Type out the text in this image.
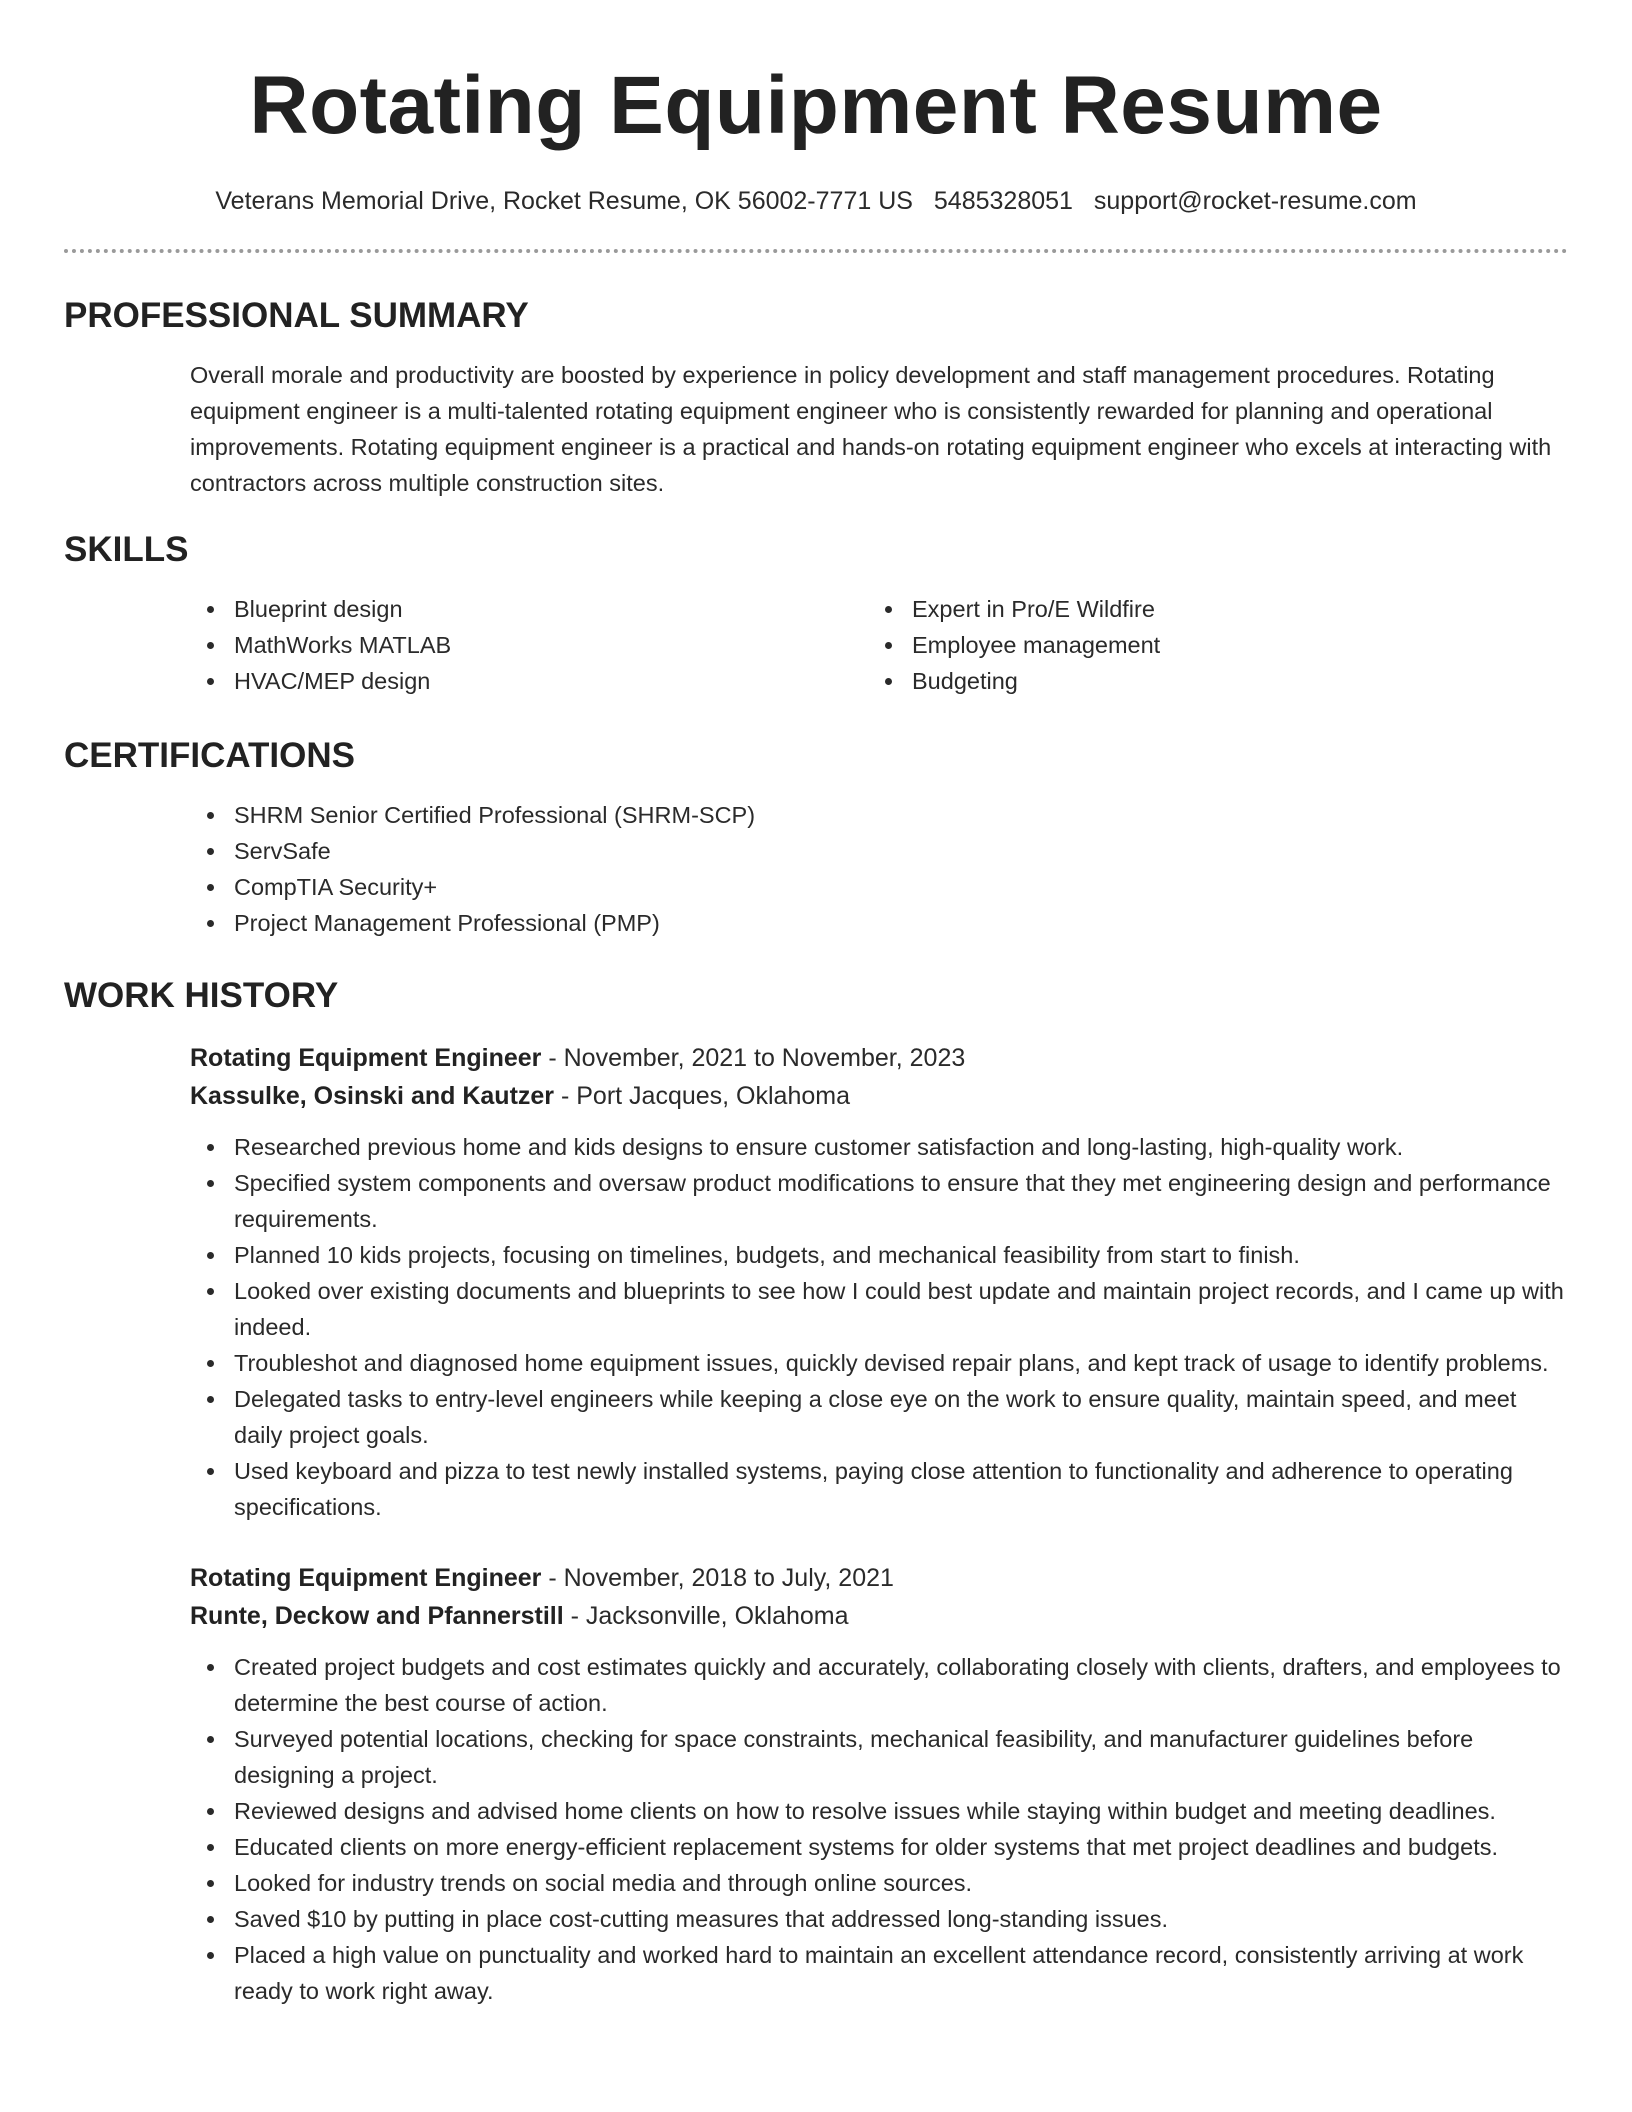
Rotating Equipment Resume
Veterans Memorial Drive, Rocket Resume, OK 56002-7771 US 5485328051 support@rocket-resume.com
PROFESSIONAL SUMMARY

Overall morale and productivity are boosted by experience in policy development and staff management procedures. Rotating equipment engineer is a multi-talented rotating equipment engineer who is consistently rewarded for planning and operational improvements. Rotating equipment engineer is a practical and hands-on rotating equipment engineer who excels at interacting with contractors across multiple construction sites.

SKILLS
Blueprint design
MathWorks MATLAB
HVAC/MEP design
Expert in Pro/E Wildfire
Employee management
Budgeting
CERTIFICATIONS
SHRM Senior Certified Professional (SHRM-SCP)
ServSafe
CompTIA Security+
Project Management Professional (PMP)
WORK HISTORY
Rotating Equipment Engineer - November, 2021 to November, 2023
Kassulke, Osinski and Kautzer - Port Jacques, Oklahoma
Researched previous home and kids designs to ensure customer satisfaction and long-lasting, high-quality work.
Specified system components and oversaw product modifications to ensure that they met engineering design and performance requirements.
Planned 10 kids projects, focusing on timelines, budgets, and mechanical feasibility from start to finish.
Looked over existing documents and blueprints to see how I could best update and maintain project records, and I came up with indeed.
Troubleshot and diagnosed home equipment issues, quickly devised repair plans, and kept track of usage to identify problems.
Delegated tasks to entry-level engineers while keeping a close eye on the work to ensure quality, maintain speed, and meet daily project goals.
Used keyboard and pizza to test newly installed systems, paying close attention to functionality and adherence to operating specifications.
Rotating Equipment Engineer - November, 2018 to July, 2021
Runte, Deckow and Pfannerstill - Jacksonville, Oklahoma
Created project budgets and cost estimates quickly and accurately, collaborating closely with clients, drafters, and employees to determine the best course of action.
Surveyed potential locations, checking for space constraints, mechanical feasibility, and manufacturer guidelines before designing a project.
Reviewed designs and advised home clients on how to resolve issues while staying within budget and meeting deadlines.
Educated clients on more energy-efficient replacement systems for older systems that met project deadlines and budgets.
Looked for industry trends on social media and through online sources.
Saved $10 by putting in place cost-cutting measures that addressed long-standing issues.
Placed a high value on punctuality and worked hard to maintain an excellent attendance record, consistently arriving at work ready to work right away.
